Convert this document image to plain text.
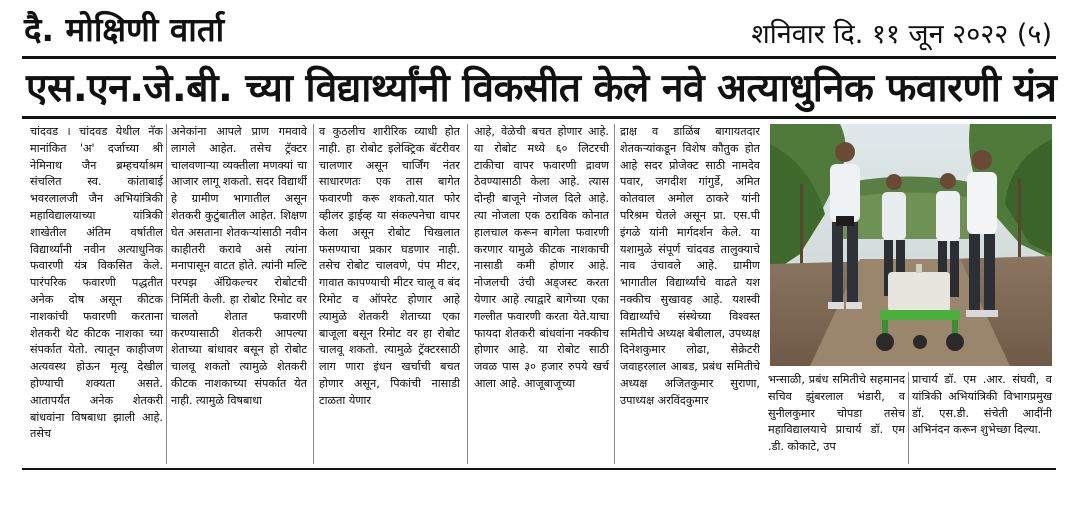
दै. मोक्षिणी वार्ता	शनिवार दि. ११ जून २०२२ (५)
एस.एन.जे.बी. च्या विद्यार्थ्यांनी विकसीत केले नवे अत्याधुनिक फवारणी यंत्र

चांदवड । चांदवड येथील नॅक मानांकित 'अ' दर्जाच्या श्री नेमिनाथ जैन ब्रम्हचर्याश्रम संचलित स्व. कांताबाई भवरलालजी जैन अभियांत्रिकी महाविद्यालयाच्या यांत्रिकी शाखेतील अंतिम वर्षातील विद्यार्थ्यांनी नवीन अत्याधुनिक फवारणी यंत्र विकसित केले. पारंपरिक फवारणी पद्धतीत अनेक दोष असून कीटक नाशकांची फवारणी करताना शेतकरी थेट कीटक नाशका च्या संपर्कात येतो. त्यातून काहीजण अत्यवस्थ होऊन मृत्यू देखील होण्याची शक्यता असते. आतापर्यंत अनेक शेतकरी बांधवांना विषबाधा झाली आहे. तसेच

अनेकांना आपले प्राण गमवावे लागले आहेत. तसेच ट्रॅक्टर चालवणाऱ्या व्यक्तीला मणक्यां चा आजार लागू शकतो. सदर विद्यार्थी हे ग्रामीण भागातील असून शेतकरी कुटुंबातील आहेत. शिक्षण घेत असताना शेतकऱ्यांसाठी नवीन काहीतरी करावे असे त्यांना मनापासून वाटत होते. त्यांनी मल्टि परपझ ॲग्रिकल्चर रोबोटची निर्मिती केली. हा रोबोट रिमोट वर चालतो शेतात फवारणी करण्यासाठी शेतकरी आपल्या शेताच्या बांधावर बसून हो रोबोट चालवू शकतो त्यामुळे शेतकरी कीटक नाशकाच्या संपर्कात येत नाही. त्यामुळे विषबाधा

व कुठलीच शारीरिक व्याधी होत नाही. हा रोबोट इलेक्ट्रिक बॅटरीवर चालणार असून चार्जिंग नंतर साधारणतः एक तास बागेत फवारणी करू शकतो.यात फोर व्हीलर ड्राईव्ह या संकल्पनेचा वापर केला असून रोबोट चिखलात फसण्याचा प्रकार घडणार नाही. तसेच रोबोट चालवणे, पंप मीटर, गावात कापण्याची मीटर चालू व बंद रिमोट व ऑपरेट होणार आहे त्यामुळे शेतकरी शेताच्या एका बाजूला बसून रिमोट वर हा रोबोट चालवू शकतो. त्यामुळे ट्रॅक्टरसाठी लाग णारा इंधन खर्चाची बचत होणार असून, पिकांची नासाडी टाळता येणार

आहे, वेळेची बचत होणार आहे. या रोबोट मध्ये ६० लिटरची टाकीचा वापर फवारणी द्रावण ठेवण्यासाठी केला आहे. त्यास दोन्ही बाजूने नोजल दिले आहे. त्या नोजला एक ठराविक कोनात हालचाल करून बागेला फवारणी करणार यामुळे कीटक नाशकाची नासाडी कमी होणार आहे. नोजलची उंची अड्जस्ट करता येणार आहे त्याद्वारे बागेच्या एका गल्लीत फवारणी करता येते.याचा फायदा शेतकरी बांधवांना नक्कीच होणार आहे. या रोबोट साठी जवळ पास ३० हजार रुपये खर्च आला आहे. आजूबाजूच्या

द्राक्ष व डाळिंब बागायतदार शेतकऱ्यांकडून विशेष कौतुक होत आहे सदर प्रोजेक्ट साठी नामदेव पवार, जगदीश गांगुर्डे, अमित कोतवाल अमोल ठाकरे यांनी परिश्रम घेतले असून प्रा. एस.पी इंगळे यांनी मार्गदर्शन केले. या यशामुळे संपूर्ण चांदवड तालुक्याचे नाव उंचावले आहे. ग्रामीण भागातील विद्यार्थ्यांचे वाढते यश नक्कीच सुखावह आहे. यशस्वी विद्यार्थ्यांचे संस्थेच्या विश्वस्त समितीचे अध्यक्ष बेबीलाल, उपध्यक्ष दिनेशकुमार लोढा, सेक्रेटरी जवाहरलाल आबड, प्रबंध समितीचे अध्यक्ष अजितकुमार सुराणा, उपाध्यक्ष अरविंदकुमार

भन्साळी, प्रबंध समितीचे सहमानद सचिव झुंबरलाल भंडारी, व सुनीलकुमार चोपडा तसेच महाविद्यालयाचे प्राचार्य डॉ. एम .डी. कोकाटे, उप
प्राचार्य डॉ. एम .आर. संघवी, व यांत्रिकी अभियांत्रिकी विभागप्रमुख डॉ. एस.डी. संचेती आदींनी अभिनंदन करून शुभेच्छा दिल्या.
